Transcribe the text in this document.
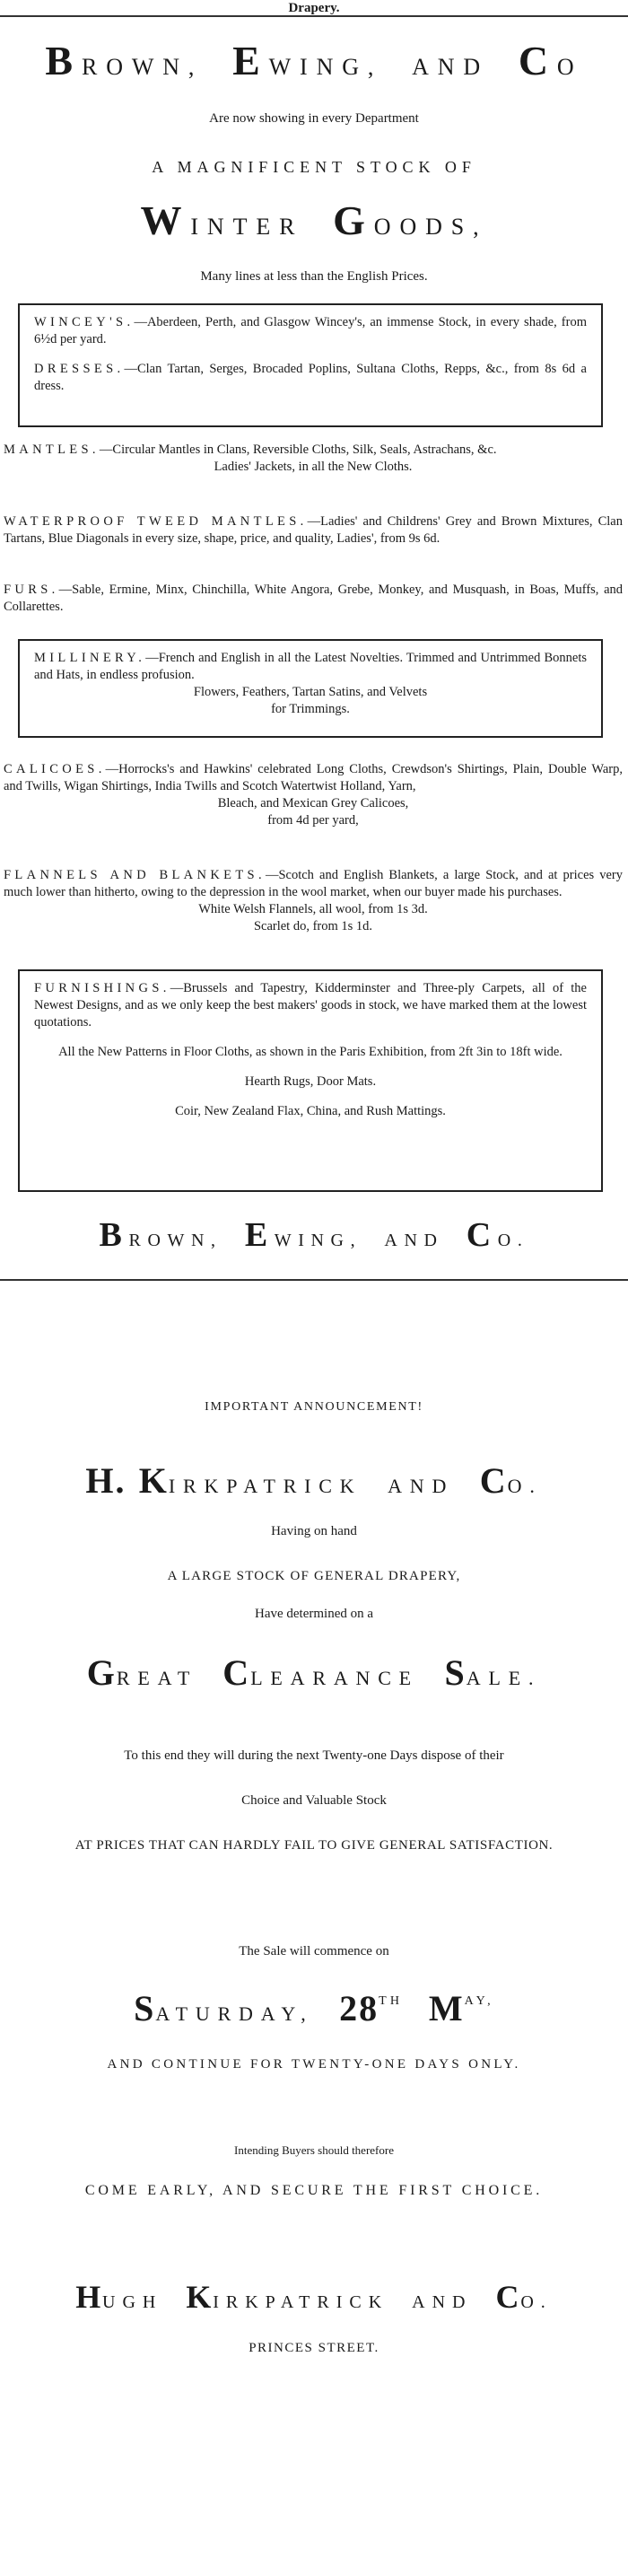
Drapery.
BROWN, EWING, AND CO
Are now showing in every Department
A MAGNIFICENT STOCK OF
WINTER GOODS,
Many lines at less than the English Prices.
WINCEY'S.—Aberdeen, Perth, and Glasgow Wincey's, an immense Stock, in every shade, from 6½d per yard.
DRESSES.—Clan Tartan, Serges, Brocaded Poplins, Sultana Cloths, Repps, &c., from 8s 6d a dress.
MANTLES.—Circular Mantles in Clans, Reversible Cloths, Silk, Seals, Astrachans, &c.
Ladies' Jackets, in all the New Cloths.
WATERPROOF TWEED MANTLES.—Ladies' and Childrens' Grey and Brown Mixtures, Clan Tartans, Blue Diagonals in every size, shape, price, and quality, Ladies', from 9s 6d.
FURS.—Sable, Ermine, Minx, Chinchilla, White Angora, Grebe, Monkey, and Musquash, in Boas, Muffs, and Collarettes.
MILLINERY.—French and English in all the Latest Novelties. Trimmed and Untrimmed Bonnets and Hats, in endless profusion.
Flowers, Feathers, Tartan Satins, and Velvets
for Trimmings.
CALICOES.—Horrocks's and Hawkins' celebrated Long Cloths, Crewdson's Shirtings, Plain, Double Warp, and Twills, Wigan Shirtings, India Twills and Scotch Watertwist Holland, Yarn,
Bleach, and Mexican Grey Calicoes,
from 4d per yard,
FLANNELS AND BLANKETS.—Scotch and English Blankets, a large Stock, and at prices very much lower than hitherto, owing to the depression in the wool market, when our buyer made his purchases.
White Welsh Flannels, all wool, from 1s 3d.
Scarlet do, from 1s 1d.
FURNISHINGS.—Brussels and Tapestry, Kidderminster and Three-ply Carpets, all of the Newest Designs, and as we only keep the best makers' goods in stock, we have marked them at the lowest quotations.
All the New Patterns in Floor Cloths, as shown in the Paris Exhibition, from 2ft 3in to 18ft wide.
Hearth Rugs, Door Mats.
Coir, New Zealand Flax, China, and Rush Mattings.
BROWN, EWING, AND CO.
IMPORTANT ANNOUNCEMENT!
H. KIRKPATRICK AND CO.
Having on hand
A LARGE STOCK OF GENERAL DRAPERY,
Have determined on a
GREAT CLEARANCE SALE.
To this end they will during the next Twenty-one Days dispose of their
Choice and Valuable Stock
AT PRICES THAT CAN HARDLY FAIL TO GIVE GENERAL SATISFACTION.
The Sale will commence on
SATURDAY, 28TH $M^{AY,}$
AND CONTINUE FOR TWENTY-ONE DAYS ONLY.
Intending Buyers should therefore
COME EARLY, AND SECURE THE FIRST CHOICE.
HUGH KIRKPATRICK AND CO.
PRINCES STREET.
